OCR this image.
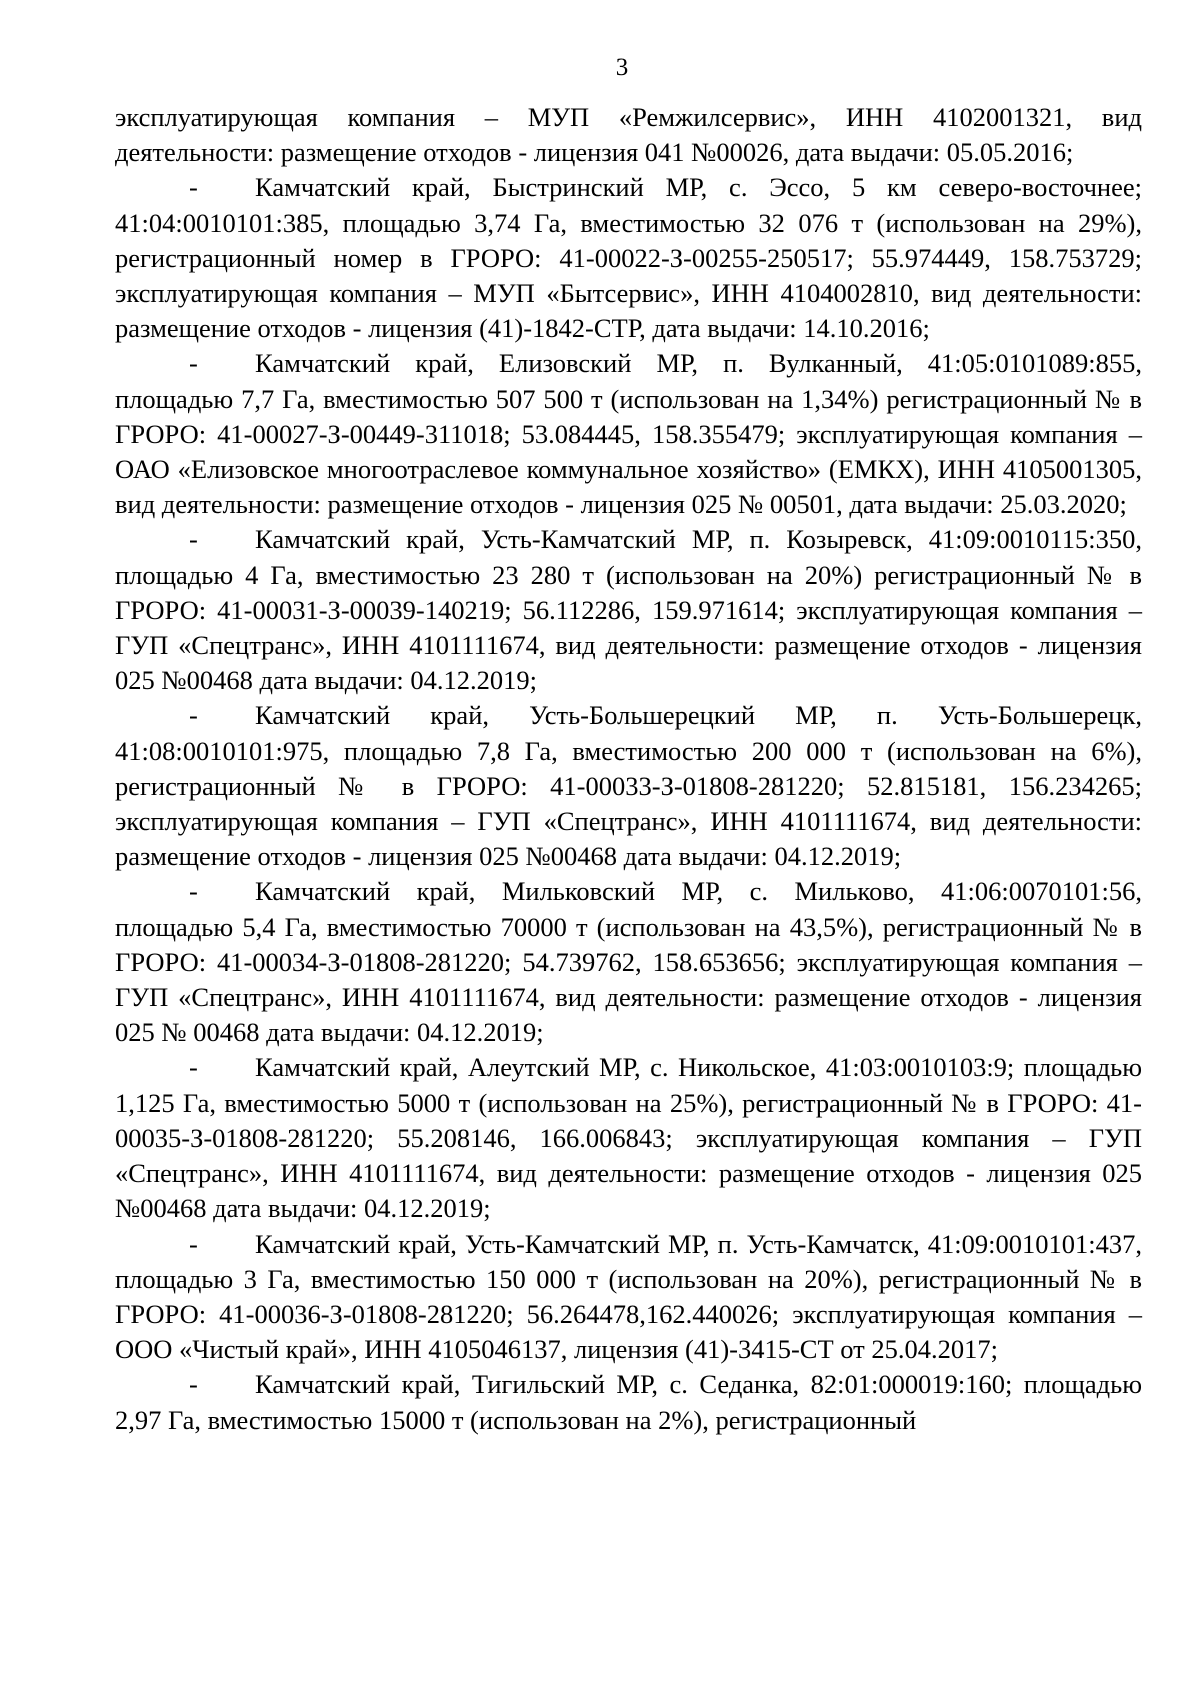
3

эксплуатирующая компания – МУП «Ремжилсервис», ИНН 4102001321, вид деятельности: размещение отходов - лицензия 041 №00026, дата выдачи: 05.05.2016;

- Камчатский край, Быстринский МР, с. Эссо, 5 км северо-восточнее; 41:04:0010101:385, площадью 3,74 Га, вместимостью 32 076 т (использован на 29%), регистрационный номер в ГРОРО: 41-00022-З-00255-250517; 55.974449, 158.753729; эксплуатирующая компания – МУП «Бытсервис», ИНН 4104002810, вид деятельности: размещение отходов - лицензия (41)-1842-СТР, дата выдачи: 14.10.2016;

- Камчатский край, Елизовский МР, п. Вулканный, 41:05:0101089:855, площадью 7,7 Га, вместимостью 507 500 т (использован на 1,34%) регистрационный № в ГРОРО: 41-00027-З-00449-311018; 53.084445, 158.355479; эксплуатирующая компания – ОАО «Елизовское многоотраслевое коммунальное хозяйство» (ЕМКХ), ИНН 4105001305, вид деятельности: размещение отходов - лицензия 025 № 00501, дата выдачи: 25.03.2020;

- Камчатский край, Усть-Камчатский МР, п. Козыревск, 41:09:0010115:350, площадью 4 Га, вместимостью 23 280 т (использован на 20%) регистрационный № в ГРОРО: 41-00031-З-00039-140219; 56.112286, 159.971614; эксплуатирующая компания – ГУП «Спецтранс», ИНН 4101111674, вид деятельности: размещение отходов - лицензия 025 №00468 дата выдачи: 04.12.2019;

- Камчатский край, Усть-Большерецкий МР, п. Усть-Большерецк, 41:08:0010101:975, площадью 7,8 Га, вместимостью 200 000 т (использован на 6%), регистрационный № в ГРОРО: 41-00033-З-01808-281220; 52.815181, 156.234265; эксплуатирующая компания – ГУП «Спецтранс», ИНН 4101111674, вид деятельности: размещение отходов - лицензия 025 №00468 дата выдачи: 04.12.2019;

- Камчатский край, Мильковский МР, с. Мильково, 41:06:0070101:56, площадью 5,4 Га, вместимостью 70000 т (использован на 43,5%), регистрационный № в ГРОРО: 41-00034-З-01808-281220; 54.739762, 158.653656; эксплуатирующая компания – ГУП «Спецтранс», ИНН 4101111674, вид деятельности: размещение отходов - лицензия 025 № 00468 дата выдачи: 04.12.2019;

- Камчатский край, Алеутский МР, с. Никольское, 41:03:0010103:9; площадью 1,125 Га, вместимостью 5000 т (использован на 25%), регистрационный № в ГРОРО: 41-00035-З-01808-281220; 55.208146, 166.006843; эксплуатирующая компания – ГУП «Спецтранс», ИНН 4101111674, вид деятельности: размещение отходов - лицензия 025 №00468 дата выдачи: 04.12.2019;

- Камчатский край, Усть-Камчатский МР, п. Усть-Камчатск, 41:09:0010101:437, площадью 3 Га, вместимостью 150 000 т (использован на 20%), регистрационный № в ГРОРО: 41-00036-З-01808-281220; 56.264478,162.440026; эксплуатирующая компания – ООО «Чистый край», ИНН 4105046137, лицензия (41)-3415-СТ от 25.04.2017;

- Камчатский край, Тигильский МР, с. Седанка, 82:01:000019:160; площадью 2,97 Га, вместимостью 15000 т (использован на 2%), регистрационный
